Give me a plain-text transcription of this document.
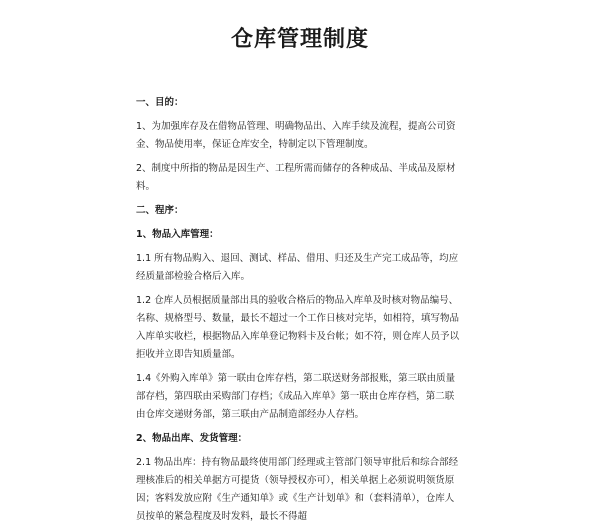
仓库管理制度
一、目的：
1、为加强库存及在借物品管理、明确物品出、入库手续及流程，提高公司资金、物品使用率，保证仓库安全，特制定以下管理制度。
2、制度中所指的物品是因生产、工程所需而储存的各种成品、半成品及原材料。
二、程序：
1、物品入库管理：
1.1 所有物品购入、退回、测试、样品、借用、归还及生产完工成品等，均应经质量部检验合格后入库。
1.2 仓库人员根据质量部出具的验收合格后的物品入库单及时核对物品编号、名称、规格型号、数量，最长不超过一个工作日核对完毕，如相符，填写物品入库单实收栏，根据物品入库单登记物料卡及台帐；如不符，则仓库人员予以拒收并立即告知质量部。
1.4《外购入库单》第一联由仓库存档，第二联送财务部报账，第三联由质量部存档，第四联由采购部门存档；《成品入库单》第一联由仓库存档，第二联由仓库交递财务部，第三联由产品制造部经办人存档。
2、物品出库、发货管理：
2.1 物品出库：持有物品最终使用部门经理或主管部门领导审批后和综合部经理核准后的相关单据方可提货（领导授权亦可），相关单据上必须说明领货原因；客料发放应附《生产通知单》或《生产计划单》和（套料清单），仓库人员按单的紧急程度及时发料，最长不得超
